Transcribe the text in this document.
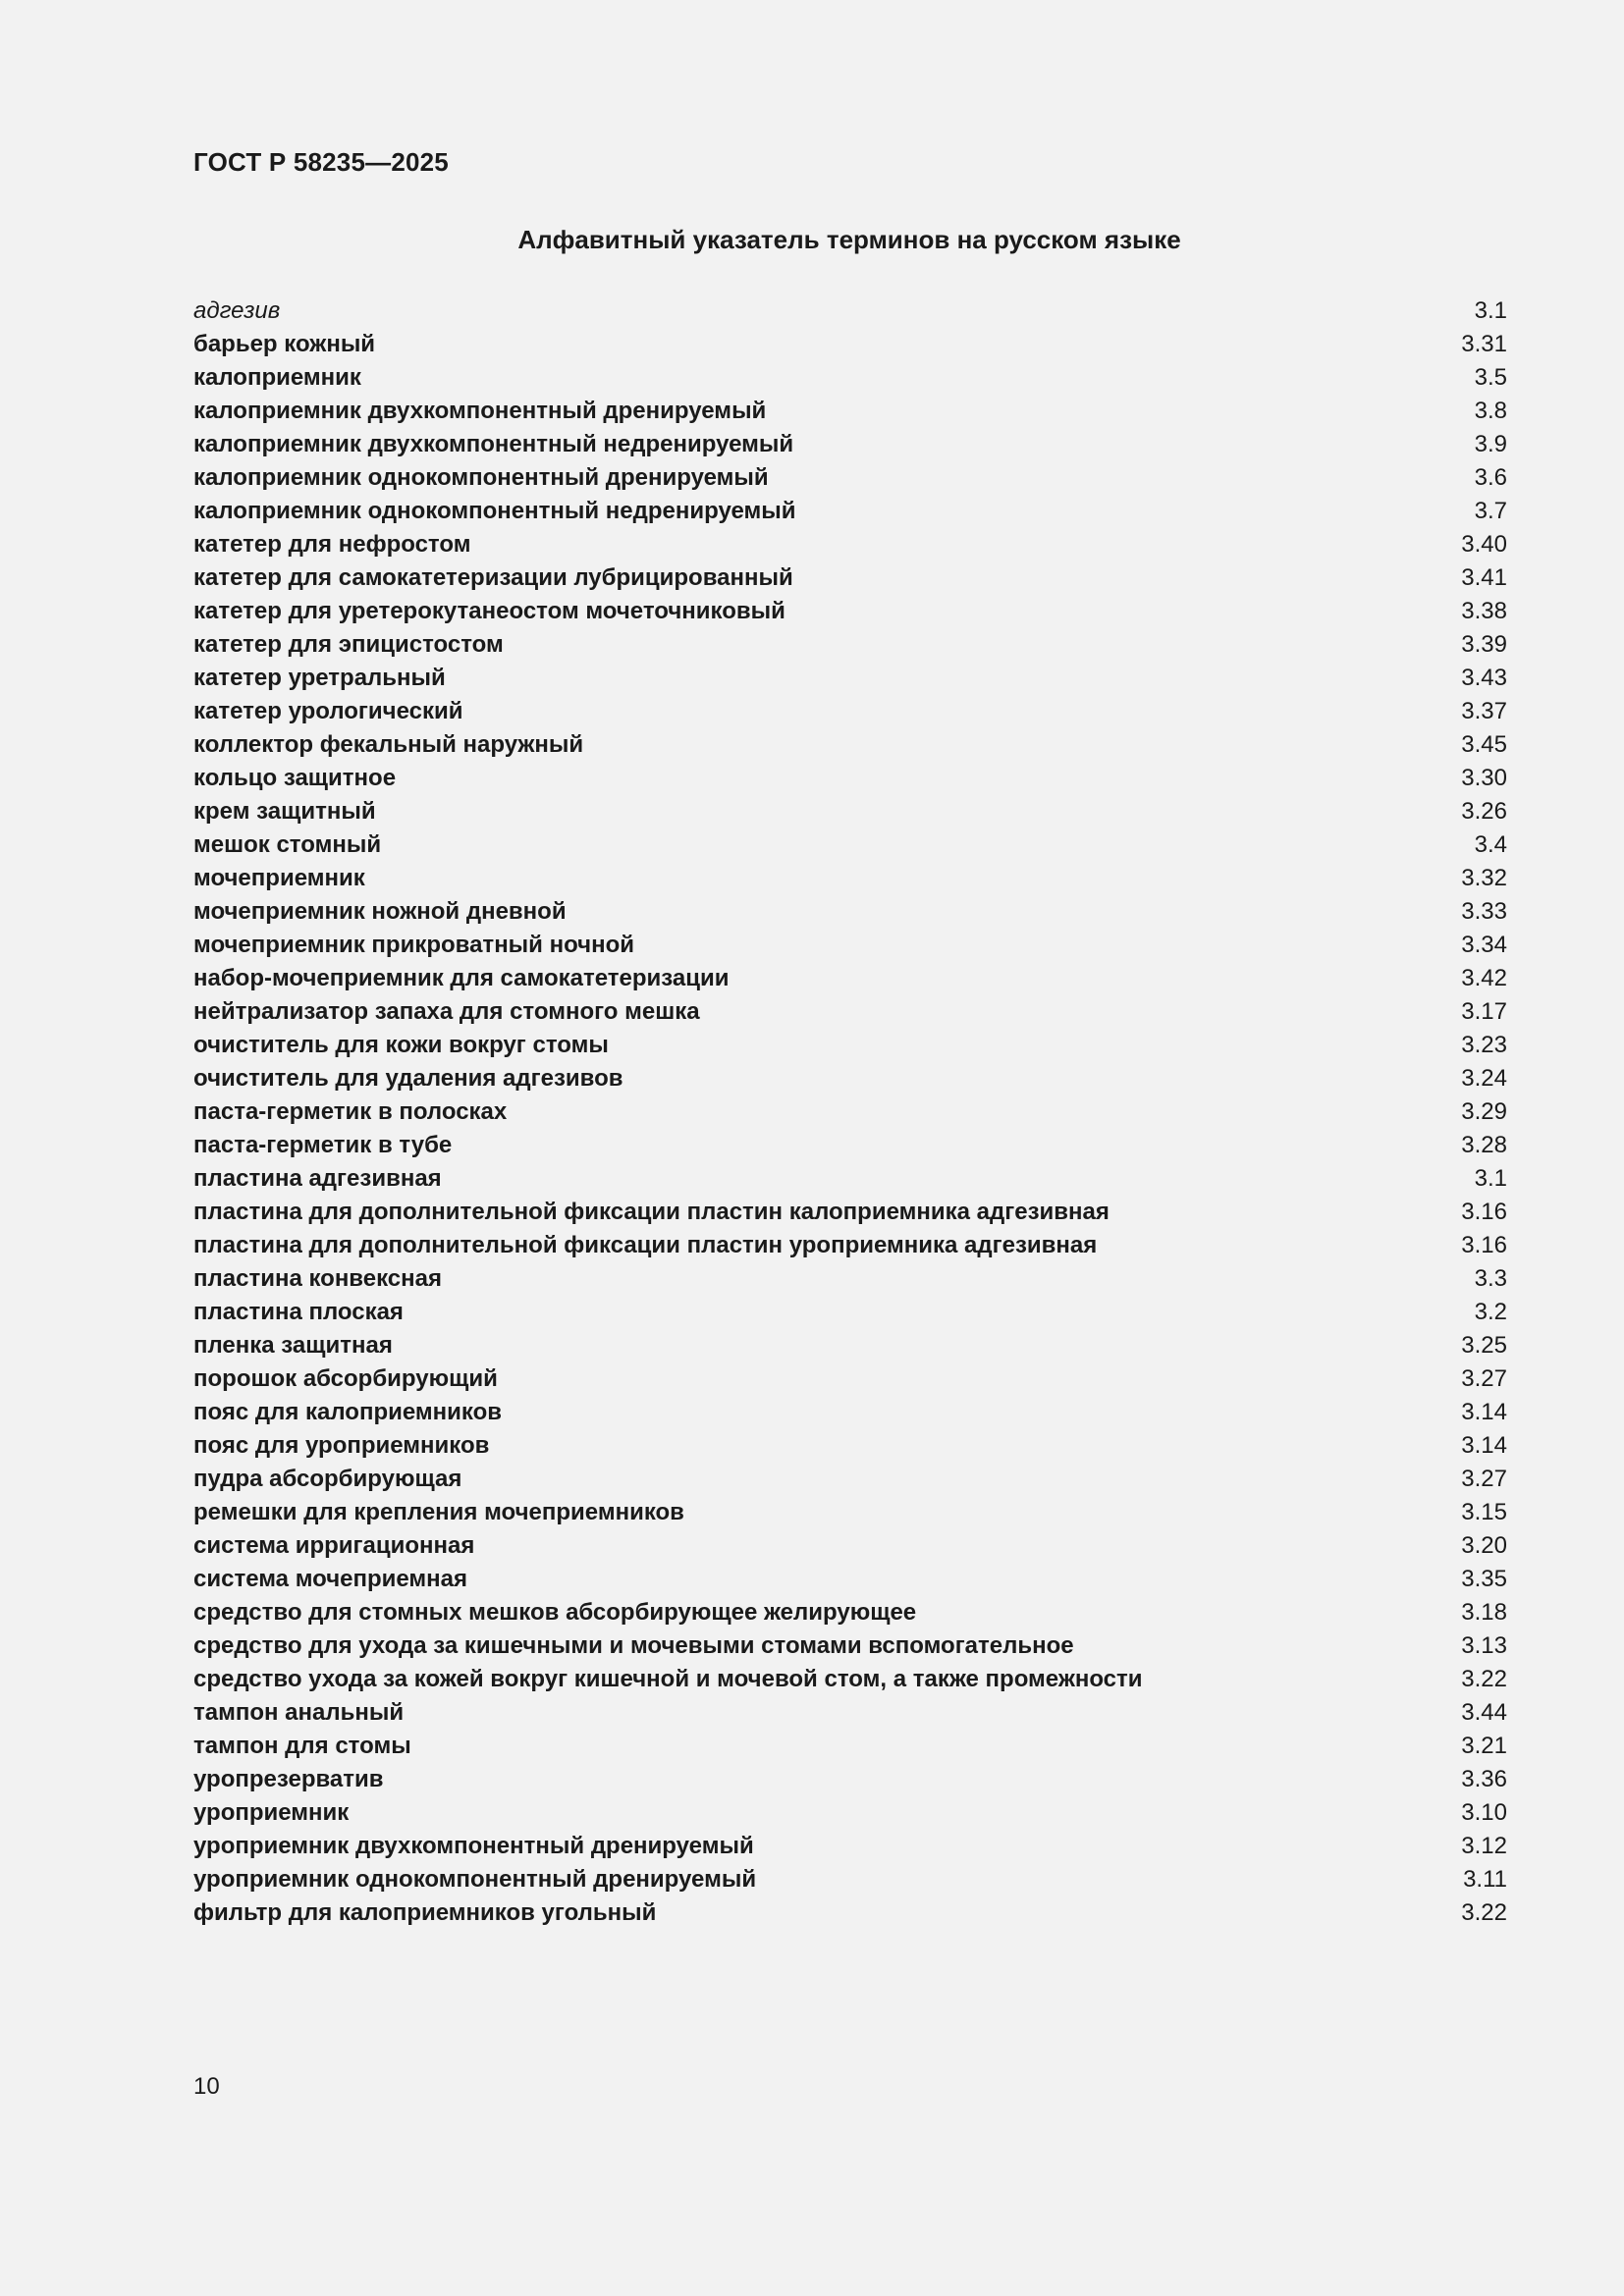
ГОСТ Р 58235—2025
Алфавитный указатель терминов на русском языке
адгезив	3.1
барьер кожный	3.31
калоприемник	3.5
калоприемник двухкомпонентный дренируемый	3.8
калоприемник двухкомпонентный недренируемый	3.9
калоприемник однокомпонентный дренируемый	3.6
калоприемник однокомпонентный недренируемый	3.7
катетер для нефростом	3.40
катетер для самокатетеризации лубрицированный	3.41
катетер для уретерокутанеостом мочеточниковый	3.38
катетер для эпицистостом	3.39
катетер уретральный	3.43
катетер урологический	3.37
коллектор фекальный наружный	3.45
кольцо защитное	3.30
крем защитный	3.26
мешок стомный	3.4
мочеприемник	3.32
мочеприемник ножной дневной	3.33
мочеприемник прикроватный ночной	3.34
набор-мочеприемник для самокатетеризации	3.42
нейтрализатор запаха для стомного мешка	3.17
очиститель для кожи вокруг стомы	3.23
очиститель для удаления адгезивов	3.24
паста-герметик в полосках	3.29
паста-герметик в тубе	3.28
пластина адгезивная	3.1
пластина для дополнительной фиксации пластин калоприемника адгезивная	3.16
пластина для дополнительной фиксации пластин уроприемника адгезивная	3.16
пластина конвексная	3.3
пластина плоская	3.2
пленка защитная	3.25
порошок абсорбирующий	3.27
пояс для калоприемников	3.14
пояс для уроприемников	3.14
пудра абсорбирующая	3.27
ремешки для крепления мочеприемников	3.15
система ирригационная	3.20
система мочеприемная	3.35
средство для стомных мешков абсорбирующее желирующее	3.18
средство для ухода за кишечными и мочевыми стомами вспомогательное	3.13
средство ухода за кожей вокруг кишечной и мочевой стом, а также промежности	3.22
тампон анальный	3.44
тампон для стомы	3.21
уропрезерватив	3.36
уроприемник	3.10
уроприемник двухкомпонентный дренируемый	3.12
уроприемник однокомпонентный дренируемый	3.11
фильтр для калоприемников угольный	3.22
10
